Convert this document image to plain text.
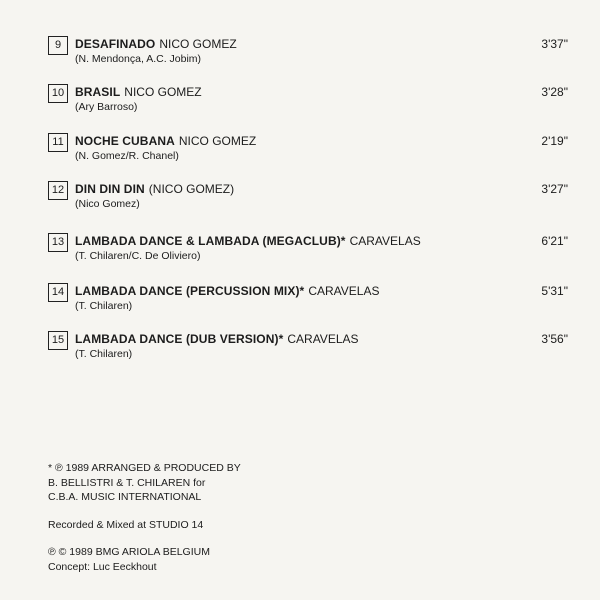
9	DESAFINADO NICO GOMEZ
(N. Mendonça, A.C. Jobim)
3'37"
10 BRASIL NICO GOMEZ
(Ary Barroso)
3'28"
11 NOCHE CUBANA NICO GOMEZ
(N. Gomez/R. Chanel)
2'19"
12 DIN DIN DIN (NICO GOMEZ)
(Nico Gomez)
3'27"
13 LAMBADA DANCE & LAMBADA (MEGACLUB)* CARAVELAS
(T. Chilaren/C. De Oliviero)
6'21"
14 LAMBADA DANCE (PERCUSSION MIX)* CARAVELAS
(T. Chilaren)
5'31"
15 LAMBADA DANCE (DUB VERSION)* CARAVELAS
(T. Chilaren)
3'56"
* ℗ 1989 ARRANGED & PRODUCED BY
B. BELLISTRI & T. CHILAREN for
C.B.A. MUSIC INTERNATIONAL
Recorded & Mixed at STUDIO 14
℗ © 1989 BMG ARIOLA BELGIUM
Concept: Luc Eeckhout
